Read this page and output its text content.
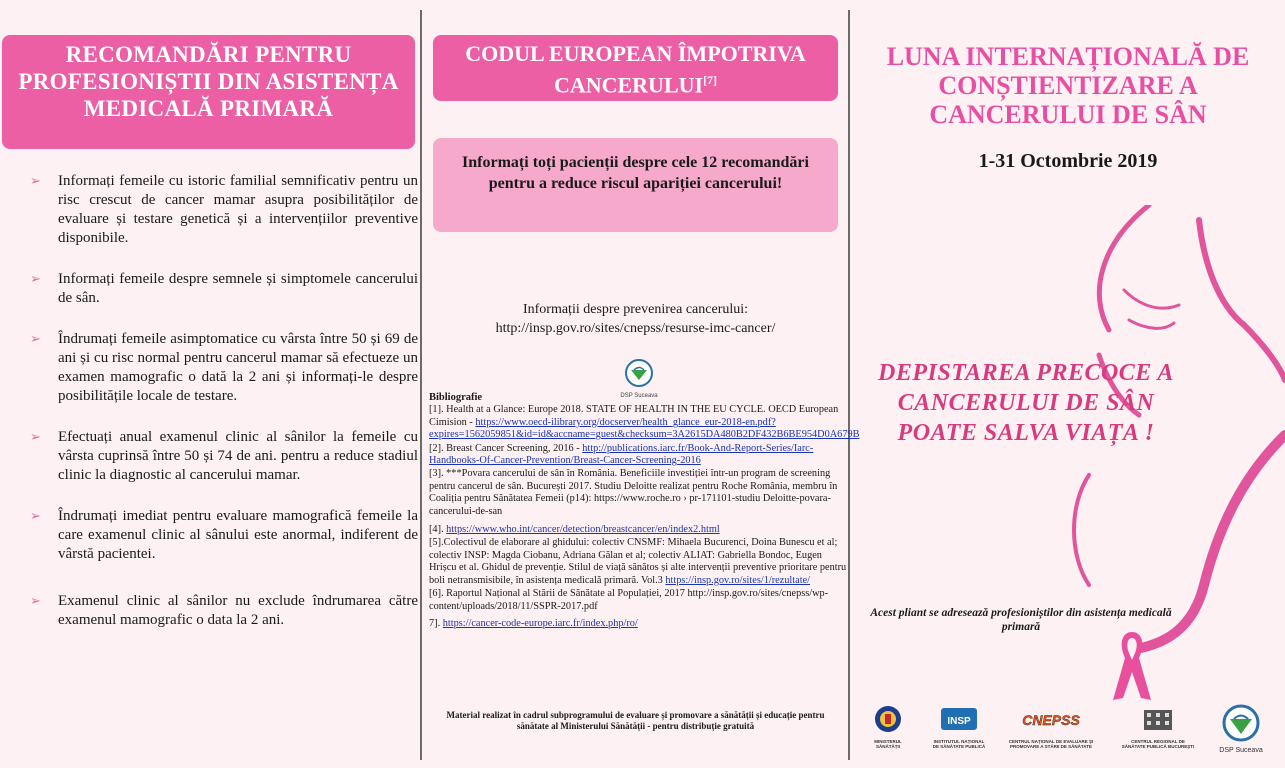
RECOMANDĂRI PENTRU PROFESIONIȘTII DIN ASISTENȚA MEDICALĂ PRIMARĂ
➢ Informați femeile cu istoric familial semnificativ pentru un risc crescut de cancer mamar asupra posibilităților de evaluare și testare genetică și a intervențiilor preventive disponibile.
➢ Informați femeile despre semnele și simptomele cancerului de sân.
➢ Îndrumați femeile asimptomatice cu vârsta între 50 și 69 de ani și cu risc normal pentru cancerul mamar să efectueze un examen mamografic o dată la 2 ani și informați-le despre posibilitățile locale de testare.
➢ Efectuați anual examenul clinic al sânilor la femeile cu vârsta cuprinsă între 50 și 74 de ani. pentru a reduce stadiul clinic la diagnostic al cancerului mamar.
➢ Îndrumați imediat pentru evaluare mamografică femeile la care examenul clinic al sânului este anormal, indiferent de vârstă pacientei.
➢ Examenul clinic al sânilor nu exclude îndrumarea către examenul mamografic o data la 2 ani.
CODUL EUROPEAN ÎMPOTRIVA CANCERULUI[7]
Informați toți pacienții despre cele 12 recomandări pentru a reduce riscul apariției cancerului!
Informații despre prevenirea cancerului:
http://insp.gov.ro/sites/cnepss/resurse-imc-cancer/
DSP Suceava
Bibliografie
[1]. Health at a Glance: Europe 2018. STATE OF HEALTH IN THE EU CYCLE. OECD European Cimision - https://www.oecd-ilibrary.org/docserver/health_glance_eur-2018-en.pdf?expires=1562059851&id=id&accname=guest&checksum=3A2615DA480B2DF432B6BE954D0A679B
[2]. Breast Cancer Screening, 2016 - http://publications.iarc.fr/Book-And-Report-Series/Iarc-Handbooks-Of-Cancer-Prevention/Breast-Cancer-Screening-2016
[3]. ***Povara cancerului de sân în România. Beneficiile investiției într-un program de screening pentru cancerul de sân. București 2017. Studiu Deloitte realizat pentru Roche România, membru în Coaliția pentru Sănătatea Femeii (p14): https://www.roche.ro › pr-171101-studiu Deloitte-povara-cancerului-de-san
[4]. https://www.who.int/cancer/detection/breastcancer/en/index2.html
[5].Colectivul de elaborare al ghidului: colectiv CNSMF: Mihaela Bucurenci, Doina Bunescu et al; colectiv INSP: Magda Ciobanu, Adriana Gălan et al; colectiv ALIAT: Gabriella Bondoc, Eugen Hrișcu et al. Ghidul de prevenție. Stilul de viață sănătos și alte intervenții preventive prioritare pentru boli netransmisibile, în asistența medicală primară. Vol.3 https://insp.gov.ro/sites/1/rezultate/
[6]. Raportul Național al Stării de Sănătate al Populației, 2017 http://insp.gov.ro/sites/cnepss/wp-content/uploads/2018/11/SSPR-2017.pdf
7]. https://cancer-code-europe.iarc.fr/index.php/ro/
Material realizat în cadrul subprogramului de evaluare și promovare a sănătății și educație pentru sănătate al Ministerului Sănătății - pentru distribuție gratuită
LUNA INTERNAȚIONALĂ DE CONȘTIENTIZARE A CANCERULUI DE SÂN
1-31 Octombrie 2019
DEPISTAREA PRECOCE A CANCERULUI DE SÂN POATE SALVA VIAȚA !
Acest pliant se adresează profesioniștilor din asistența medicală primară
MINISTERUL SĂNĂTĂȚII
INSP
INSTITUTUL NAȚIONAL DE SĂNĂTATE PUBLICĂ
CNEPSS
CENTRUL NAȚIONAL DE EVALUARE ȘI PROMOVARE A STĂRII DE SĂNĂTATE
CENTRUL REGIONAL DE SĂNĂTATE PUBLICĂ BUCUREȘTI
DSP Suceava
